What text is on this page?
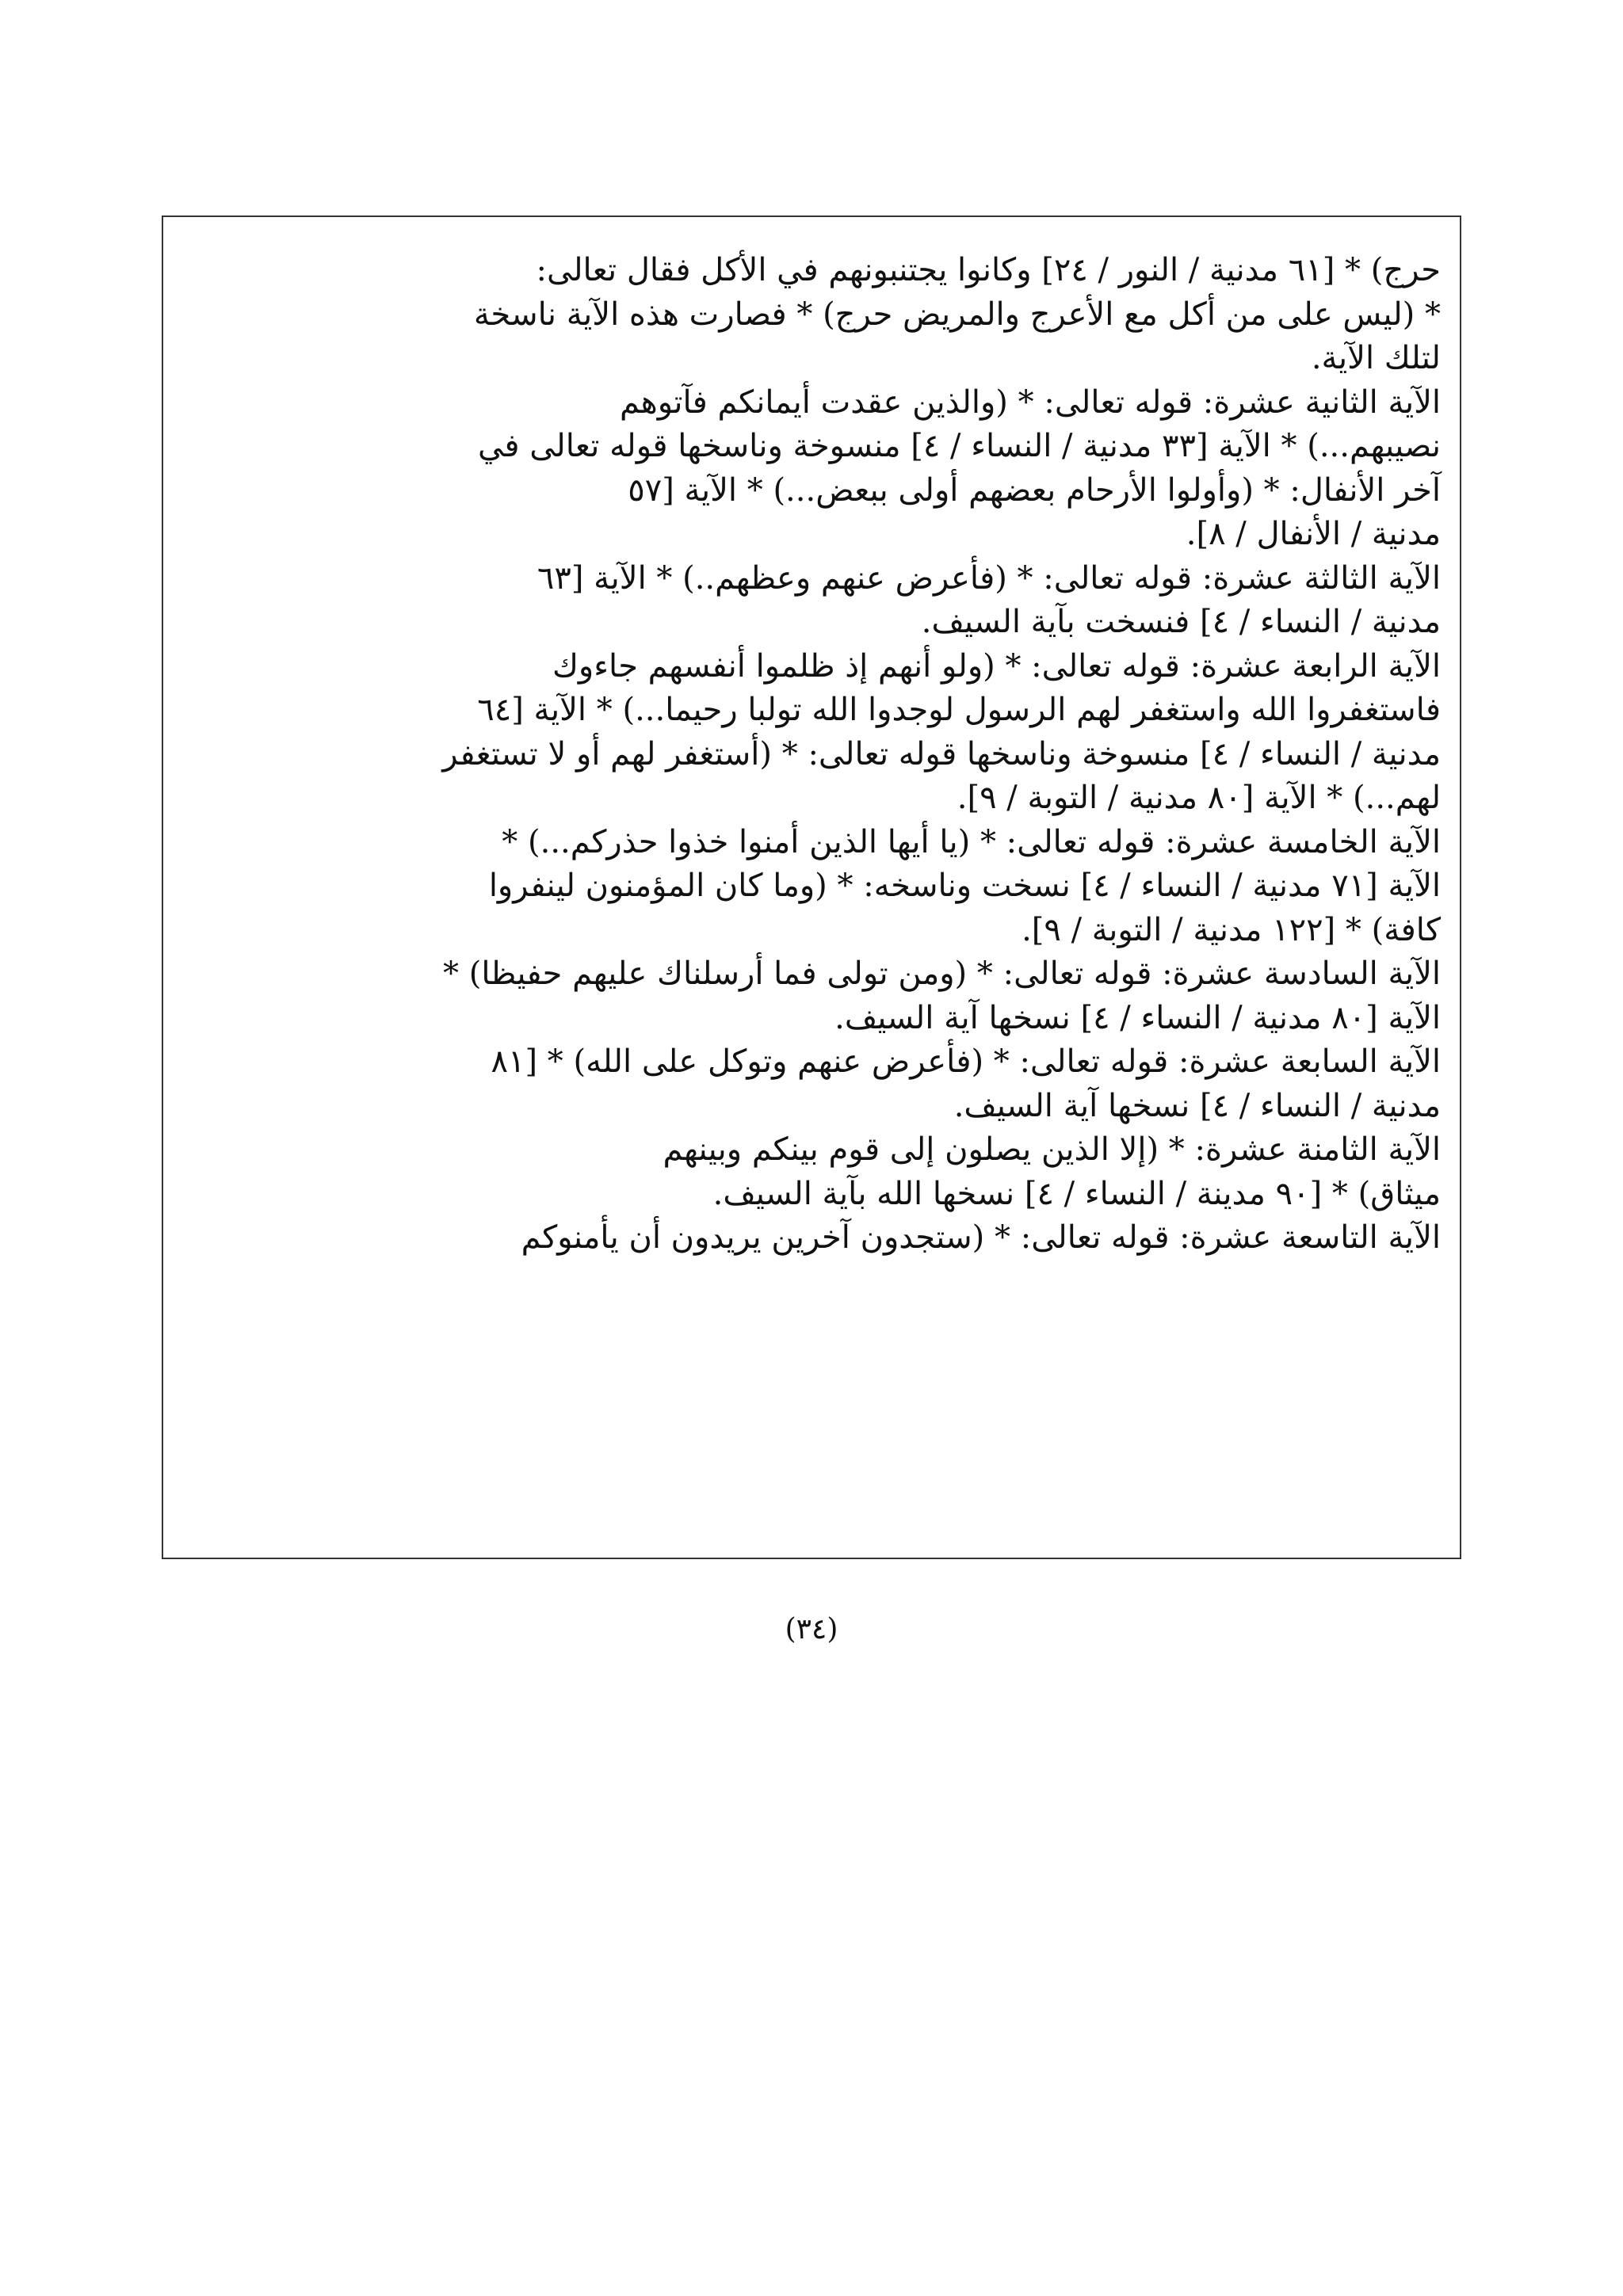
حرج) * [٦١ مدنية / النور / ٢٤] وكانوا يجتنبونهم في الأكل فقال تعالى:
* (ليس على من أكل مع الأعرج والمريض حرج) * فصارت هذه الآية ناسخة
لتلك الآية.
الآية الثانية عشرة: قوله تعالى: * (والذين عقدت أيمانكم فآتوهم
نصيبهم...) * الآية [٣٣ مدنية / النساء / ٤] منسوخة وناسخها قوله تعالى في
آخر الأنفال: * (وأولوا الأرحام بعضهم أولى ببعض...) * الآية [٥٧
مدنية / الأنفال / ٨].
الآية الثالثة عشرة: قوله تعالى: * (فأعرض عنهم وعظهم..) * الآية [٦٣
مدنية / النساء / ٤] فنسخت بآية السيف.
الآية الرابعة عشرة: قوله تعالى: * (ولو أنهم إذ ظلموا أنفسهم جاءوك
فاستغفروا الله واستغفر لهم الرسول لوجدوا الله تولبا رحيما...) * الآية [٦٤
مدنية / النساء / ٤] منسوخة وناسخها قوله تعالى: * (أستغفر لهم أو لا تستغفر
لهم...) * الآية [٨٠ مدنية / التوبة / ٩].
الآية الخامسة عشرة: قوله تعالى: * (يا أيها الذين أمنوا خذوا حذركم...) *
الآية [٧١ مدنية / النساء / ٤] نسخت وناسخه: * (وما كان المؤمنون لينفروا
كافة) * [١٢٢ مدنية / التوبة / ٩].
الآية السادسة عشرة: قوله تعالى: * (ومن تولى فما أرسلناك عليهم حفيظا) *
الآية [٨٠ مدنية / النساء / ٤] نسخها آية السيف.
الآية السابعة عشرة: قوله تعالى: * (فأعرض عنهم وتوكل على الله) * [٨١
مدنية / النساء / ٤] نسخها آية السيف.
الآية الثامنة عشرة: * (إلا الذين يصلون إلى قوم بينكم وبينهم
ميثاق) * [٩٠ مدينة / النساء / ٤] نسخها الله بآية السيف.
الآية التاسعة عشرة: قوله تعالى: * (ستجدون آخرين يريدون أن يأمنوكم
(٣٤)
